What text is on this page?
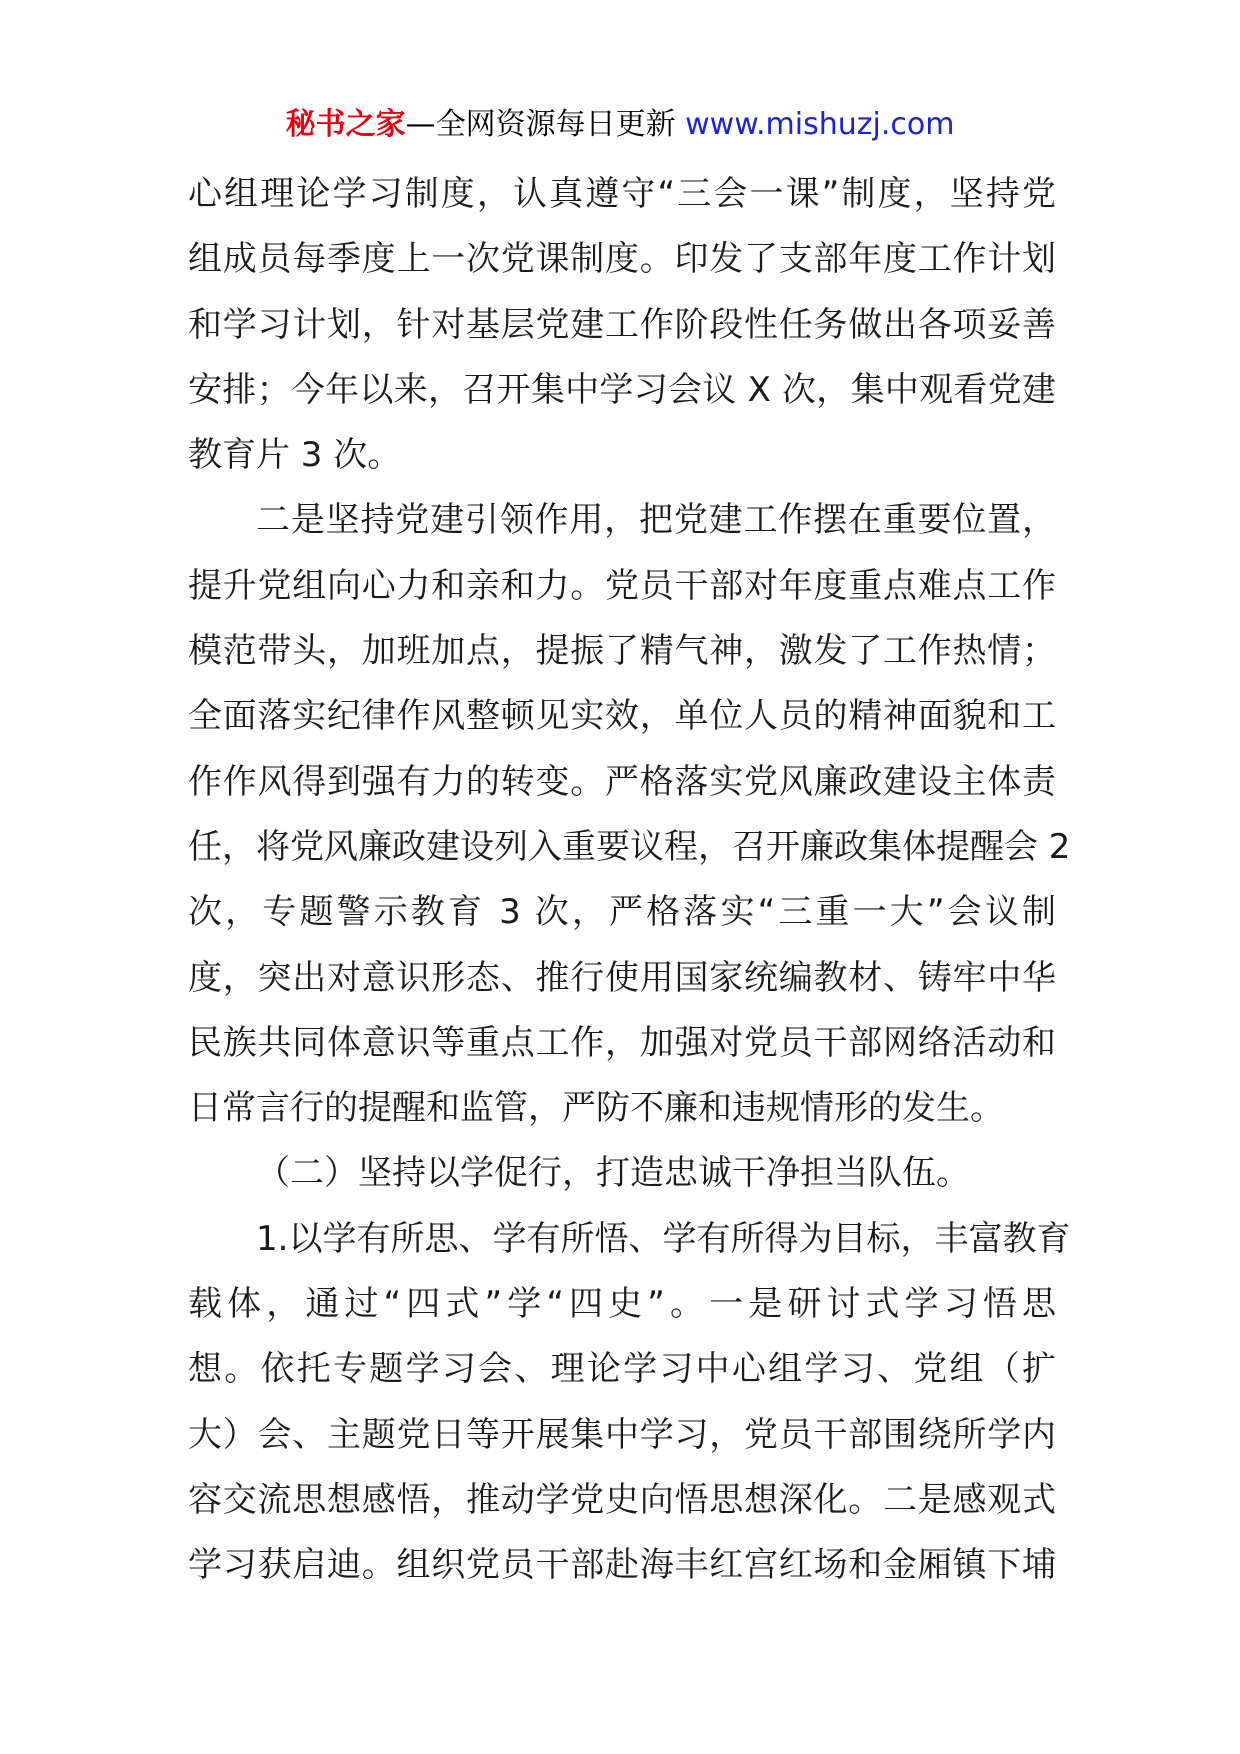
秘书之家—全网资源每日更新 www.mishuzj.com
心组理论学习制度，认真遵守“三会一课”制度，坚持党
组成员每季度上一次党课制度。印发了支部年度工作计划
和学习计划，针对基层党建工作阶段性任务做出各项妥善
安排；今年以来，召开集中学习会议 X 次，集中观看党建
教育片 3 次。
二是坚持党建引领作用，把党建工作摆在重要位置，
提升党组向心力和亲和力。党员干部对年度重点难点工作
模范带头，加班加点，提振了精气神，激发了工作热情；
全面落实纪律作风整顿见实效，单位人员的精神面貌和工
作作风得到强有力的转变。严格落实党风廉政建设主体责
任，将党风廉政建设列入重要议程，召开廉政集体提醒会 2
次，专题警示教育 3 次，严格落实“三重一大”会议制
度，突出对意识形态、推行使用国家统编教材、铸牢中华
民族共同体意识等重点工作，加强对党员干部网络活动和
日常言行的提醒和监管，严防不廉和违规情形的发生。
（二）坚持以学促行，打造忠诚干净担当队伍。
1.以学有所思、学有所悟、学有所得为目标，丰富教育
载体，通过“四式”学“四史”。一是研讨式学习悟思
想。依托专题学习会、理论学习中心组学习、党组（扩
大）会、主题党日等开展集中学习，党员干部围绕所学内
容交流思想感悟，推动学党史向悟思想深化。二是感观式
学习获启迪。组织党员干部赴海丰红宫红场和金厢镇下埔
